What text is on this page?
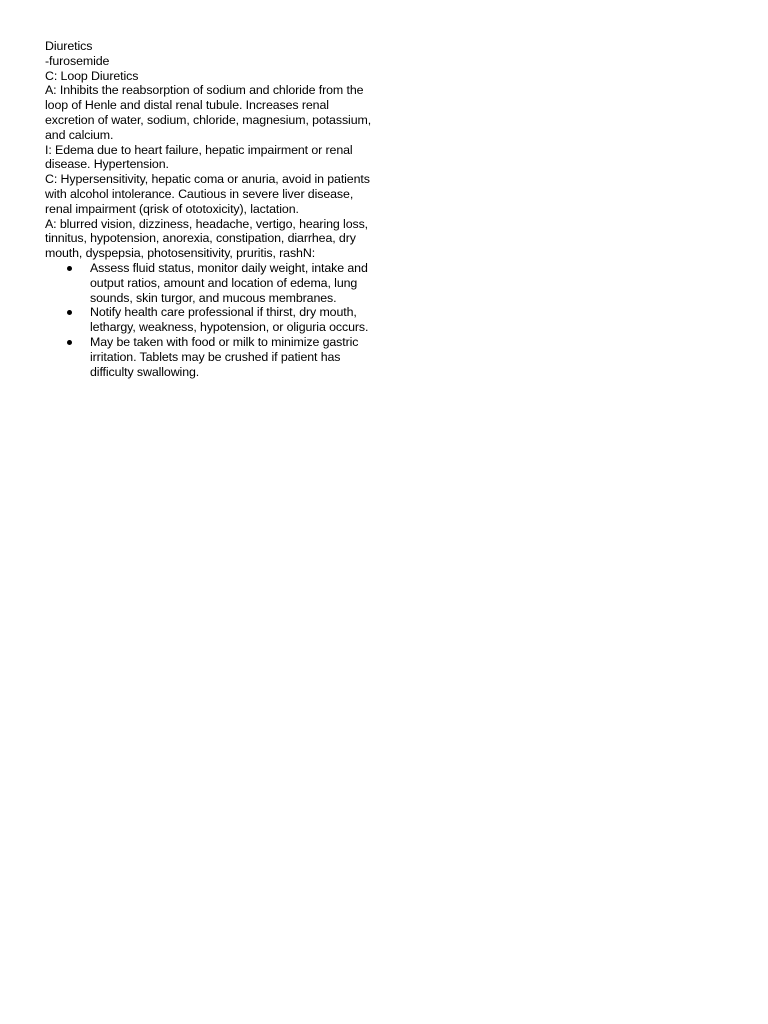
Diuretics

-furosemide

C: Loop Diuretics

A: Inhibits the reabsorption of sodium and chloride from the loop of Henle and distal renal tubule. Increases renal excretion of water, sodium, chloride, magnesium, potassium, and calcium.

I: Edema due to heart failure, hepatic impairment or renal disease. Hypertension.

C: Hypersensitivity, hepatic coma or anuria, avoid in patients with alcohol intolerance. Cautious in severe liver disease, renal impairment (qrisk of ototoxicity), lactation.

A: blurred vision, dizziness, headache, vertigo, hearing loss, tinnitus, hypotension, anorexia, constipation, diarrhea, dry mouth, dyspepsia, photosensitivity, pruritis, rashN:

Assess fluid status, monitor daily weight, intake and output ratios, amount and location of edema, lung sounds, skin turgor, and mucous membranes.
Notify health care professional if thirst, dry mouth, lethargy, weakness, hypotension, or oliguria occurs.
May be taken with food or milk to minimize gastric irritation. Tablets may be crushed if patient has difficulty swallowing.
